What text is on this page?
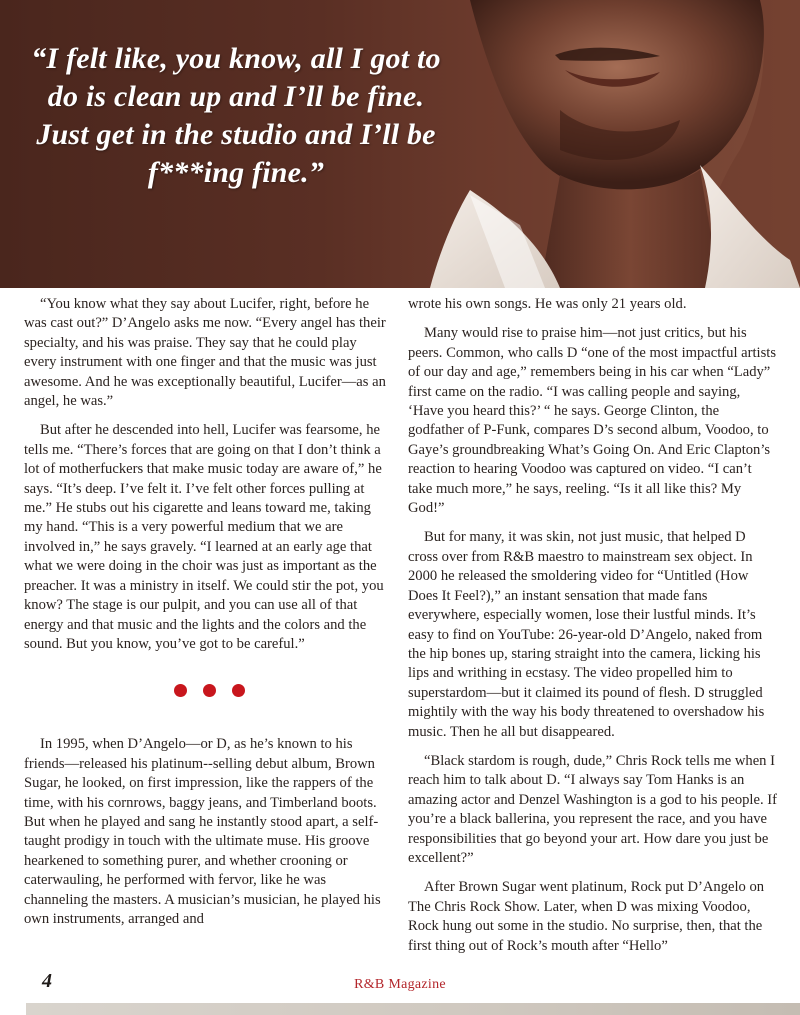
“I felt like, you know, all I got to do is clean up and I’ll be fine. Just get in the studio and I’ll be f***ing fine.”

“You know what they say about Lucifer, right, before he was cast out?” D’Angelo asks me now. “Every angel has their specialty, and his was praise. They say that he could play every instrument with one finger and that the music was just awesome. And he was exceptionally beautiful, Lucifer—as an angel, he was.”

But after he descended into hell, Lucifer was fearsome, he tells me. “There’s forces that are going on that I don’t think a lot of motherfuckers that make music today are aware of,” he says. “It’s deep. I’ve felt it. I’ve felt other forces pulling at me.” He stubs out his cigarette and leans toward me, taking my hand. “This is a very powerful medium that we are involved in,” he says gravely. “I learned at an early age that what we were doing in the choir was just as important as the preacher. It was a ministry in itself. We could stir the pot, you know? The stage is our pulpit, and you can use all of that energy and that music and the lights and the colors and the sound. But you know, you’ve got to be careful.”

In 1995, when D’Angelo—or D, as he’s known to his friends—released his platinum--selling debut album, Brown Sugar, he looked, on first impression, like the rappers of the time, with his cornrows, baggy jeans, and Timberland boots. But when he played and sang he instantly stood apart, a self-taught prodigy in touch with the ultimate muse. His groove hearkened to something purer, and whether crooning or caterwauling, he performed with fervor, like he was channeling the masters. A musician’s musician, he played his own instruments, arranged and

wrote his own songs. He was only 21 years old.

Many would rise to praise him—not just critics, but his peers. Common, who calls D “one of the most impactful artists of our day and age,” remembers being in his car when “Lady” first came on the radio. “I was calling people and saying, ‘Have you heard this?’ “ he says. George Clinton, the godfather of P-Funk, compares D’s second album, Voodoo, to Gaye’s groundbreaking What’s Going On. And Eric Clapton’s reaction to hearing Voodoo was captured on video. “I can’t take much more,” he says, reeling. “Is it all like this? My God!”

But for many, it was skin, not just music, that helped D cross over from R&B maestro to mainstream sex object. In 2000 he released the smoldering video for “Untitled (How Does It Feel?),” an instant sensation that made fans everywhere, especially women, lose their lustful minds. It’s easy to find on YouTube: 26-year-old D’Angelo, naked from the hip bones up, staring straight into the camera, licking his lips and writhing in ecstasy. The video propelled him to superstardom—but it claimed its pound of flesh. D struggled mightily with the way his body threatened to overshadow his music. Then he all but disappeared.

“Black stardom is rough, dude,” Chris Rock tells me when I reach him to talk about D. “I always say Tom Hanks is an amazing actor and Denzel Washington is a god to his people. If you’re a black ballerina, you represent the race, and you have responsibilities that go beyond your art. How dare you just be excellent?”

After Brown Sugar went platinum, Rock put D’Angelo on The Chris Rock Show. Later, when D was mixing Voodoo, Rock hung out some in the studio. No surprise, then, that the first thing out of Rock’s mouth after “Hello”

4	R&B Magazine
